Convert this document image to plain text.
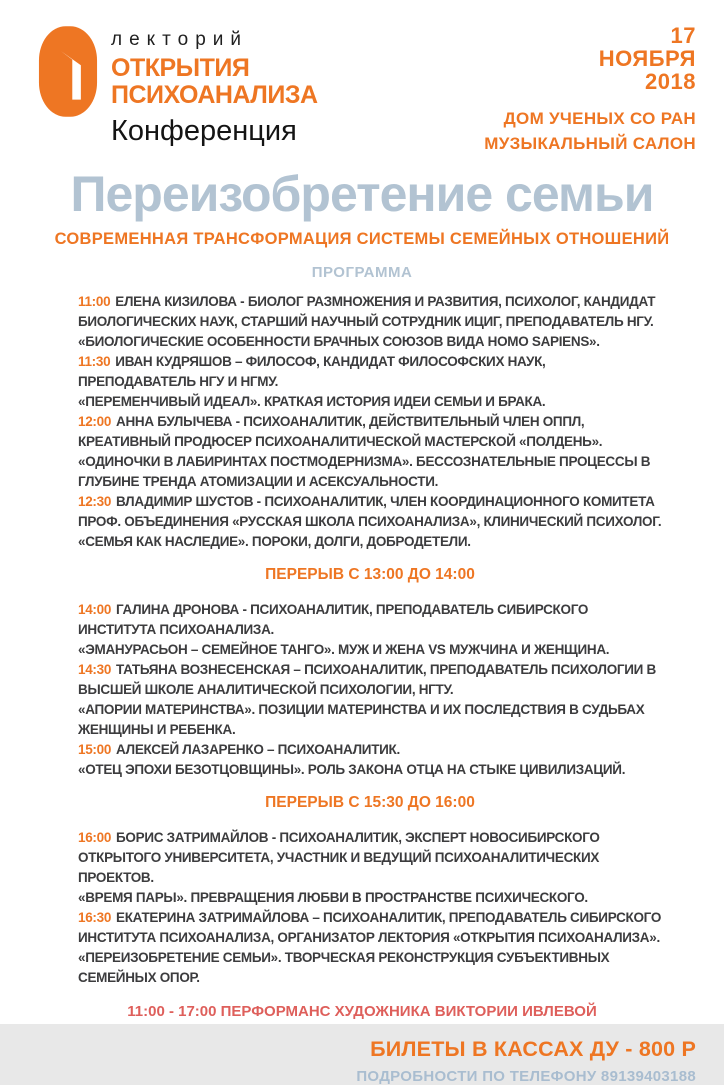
лекторий
ОТКРЫТИЯ
ПСИХОАНАЛИЗА
Конференция
17
НОЯБРЯ
2018
ДОМ УЧЕНЫХ СО РАН
МУЗЫКАЛЬНЫЙ САЛОН
Переизобретение семьи
СОВРЕМЕННАЯ ТРАНСФОРМАЦИЯ СИСТЕМЫ СЕМЕЙНЫХ ОТНОШЕНИЙ
ПРОГРАММА
11:00 ЕЛЕНА КИЗИЛОВА - БИОЛОГ РАЗМНОЖЕНИЯ И РАЗВИТИЯ, ПСИХОЛОГ, КАНДИДАТ БИОЛОГИЧЕСКИХ НАУК, СТАРШИЙ НАУЧНЫЙ СОТРУДНИК ИЦИГ, ПРЕПОДАВАТЕЛЬ НГУ.
«БИОЛОГИЧЕСКИЕ ОСОБЕННОСТИ БРАЧНЫХ СОЮЗОВ ВИДА HOMO SAPIENS».
11:30 ИВАН КУДРЯШОВ – ФИЛОСОФ, КАНДИДАТ ФИЛОСОФСКИХ НАУК, ПРЕПОДАВАТЕЛЬ НГУ И НГМУ.
«ПЕРЕМЕНЧИВЫЙ ИДЕАЛ». КРАТКАЯ ИСТОРИЯ ИДЕИ СЕМЬИ И БРАКА.
12:00 АННА БУЛЫЧЕВА - ПСИХОАНАЛИТИК, ДЕЙСТВИТЕЛЬНЫЙ ЧЛЕН ОППЛ, КРЕАТИВНЫЙ ПРОДЮСЕР ПСИХОАНАЛИТИЧЕСКОЙ МАСТЕРСКОЙ «ПОЛДЕНЬ».
«ОДИНОЧКИ В ЛАБИРИНТАХ ПОСТМОДЕРНИЗМА». БЕССОЗНАТЕЛЬНЫЕ ПРОЦЕССЫ В ГЛУБИНЕ ТРЕНДА АТОМИЗАЦИИ И АСЕКСУАЛЬНОСТИ.
12:30 ВЛАДИМИР ШУСТОВ - ПСИХОАНАЛИТИК, ЧЛЕН КООРДИНАЦИОННОГО КОМИТЕТА ПРОФ. ОБЪЕДИНЕНИЯ «РУССКАЯ ШКОЛА ПСИХОАНАЛИЗА», КЛИНИЧЕСКИЙ ПСИХОЛОГ.
«СЕМЬЯ КАК НАСЛЕДИЕ». ПОРОКИ, ДОЛГИ, ДОБРОДЕТЕЛИ.
ПЕРЕРЫВ С 13:00 ДО 14:00
14:00 ГАЛИНА ДРОНОВА - ПСИХОАНАЛИТИК, ПРЕПОДАВАТЕЛЬ СИБИРСКОГО ИНСТИТУТА ПСИХОАНАЛИЗА.
«ЭМАНУРАСЬОН – СЕМЕЙНОЕ ТАНГО». МУЖ И ЖЕНА VS МУЖЧИНА И ЖЕНЩИНА.
14:30 ТАТЬЯНА ВОЗНЕСЕНСКАЯ – ПСИХОАНАЛИТИК, ПРЕПОДАВАТЕЛЬ ПСИХОЛОГИИ В ВЫСШЕЙ ШКОЛЕ АНАЛИТИЧЕСКОЙ ПСИХОЛОГИИ, НГТУ.
«АПОРИИ МАТЕРИНСТВА». ПОЗИЦИИ МАТЕРИНСТВА И ИХ ПОСЛЕДСТВИЯ В СУДЬБАХ ЖЕНЩИНЫ И РЕБЕНКА.
15:00 АЛЕКСЕЙ ЛАЗАРЕНКО – ПСИХОАНАЛИТИК.
«ОТЕЦ ЭПОХИ БЕЗОТЦОВЩИНЫ». РОЛЬ ЗАКОНА ОТЦА НА СТЫКЕ ЦИВИЛИЗАЦИЙ.
ПЕРЕРЫВ С 15:30 ДО 16:00
16:00 БОРИС ЗАТРИМАЙЛОВ - ПСИХОАНАЛИТИК, ЭКСПЕРТ НОВОСИБИРСКОГО ОТКРЫТОГО УНИВЕРСИТЕТА, УЧАСТНИК И ВЕДУЩИЙ ПСИХОАНАЛИТИЧЕСКИХ ПРОЕКТОВ.
«ВРЕМЯ ПАРЫ». ПРЕВРАЩЕНИЯ ЛЮБВИ В ПРОСТРАНСТВЕ ПСИХИЧЕСКОГО.
16:30 ЕКАТЕРИНА ЗАТРИМАЙЛОВА – ПСИХОАНАЛИТИК, ПРЕПОДАВАТЕЛЬ СИБИРСКОГО ИНСТИТУТА ПСИХОАНАЛИЗА, ОРГАНИЗАТОР ЛЕКТОРИЯ «ОТКРЫТИЯ ПСИХОАНАЛИЗА».
«ПЕРЕИЗОБРЕТЕНИЕ СЕМЬИ». ТВОРЧЕСКАЯ РЕКОНСТРУКЦИЯ СУБЪЕКТИВНЫХ СЕМЕЙНЫХ ОПОР.
11:00 - 17:00 ПЕРФОРМАНС ХУДОЖНИКА ВИКТОРИИ ИВЛЕВОЙ
БИЛЕТЫ В КАССАХ ДУ - 800 Р
ПОДРОБНОСТИ ПО ТЕЛЕФОНУ 89139403188
